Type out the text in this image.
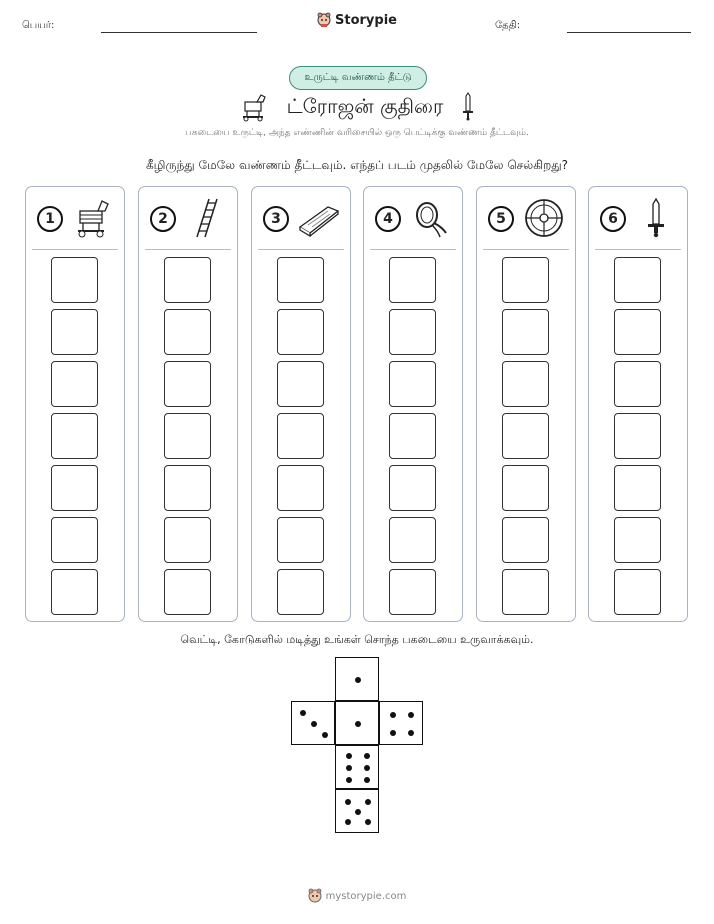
பெயர்:	Storypie	தேதி:
உருட்டி வண்ணம் தீட்டு
ட்ரோஜன் குதிரை
பகடையை உருட்டி, அந்த எண்ணின் வரிசையில் ஒரு பெட்டிக்கு வண்ணம் தீட்டவும்.
கீழிருந்து மேலே வண்ணம் தீட்டவும். எந்தப் படம் முதலில் மேலே செல்கிறது?
1	2	3	4	5	6
வெட்டி, கோடுகளில் மடித்து உங்கள் சொந்த பகடையை உருவாக்கவும்.
mystorypie.com
